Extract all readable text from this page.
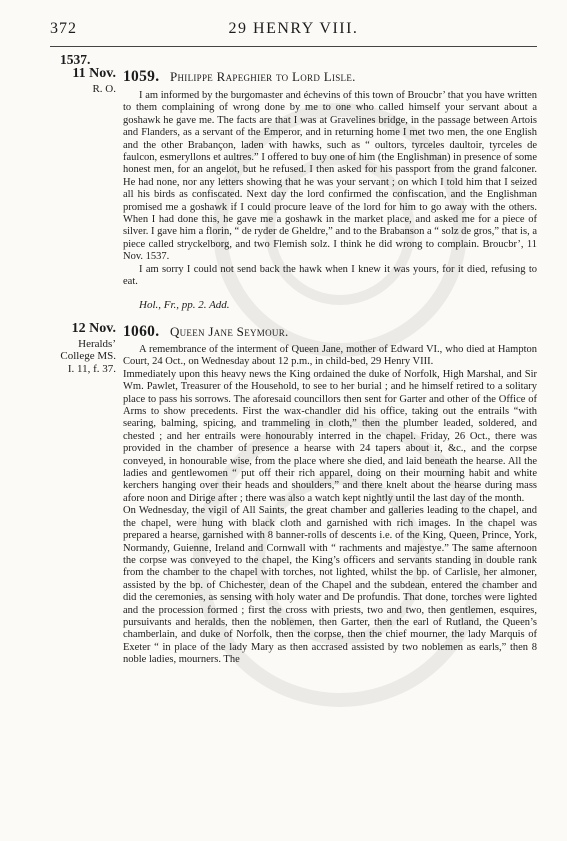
372	29 HENRY VIII.
1537.
11 Nov.
R. O.
1059. Philippe Rapeghier to Lord Lisle.

I am informed by the burgomaster and échevins of this town of Broucbr’ that you have written to them complaining of wrong done by me to one who called himself your servant about a goshawk he gave me. The facts are that I was at Gravelines bridge, in the passage between Artois and Flanders, as a servant of the Emperor, and in returning home I met two men, the one English and the other Brabançon, laden with hawks, such as “ oultors, tyrceles daultoir, tyrceles de faulcon, esmeryllons et aultres.” I offered to buy one of him (the Englishman) in presence of some honest men, for an angelot, but he refused. I then asked for his passport from the grand falconer. He had none, nor any letters showing that he was your servant ; on which I told him that I seized all his birds as confiscated. Next day the lord confirmed the confiscation, and the Englishman promised me a goshawk if I could procure leave of the lord for him to go away with the others. When I had done this, he gave me a goshawk in the market place, and asked me for a piece of silver. I gave him a florin, “ de ryder de Gheldre,” and to the Brabanson a “ solz de gros,” that is, a piece called stryckelborg, and two Flemish solz. I think he did wrong to complain. Broucbr’, 11 Nov. 1537.

I am sorry I could not send back the hawk when I knew it was yours, for it died, refusing to eat.

Hol., Fr., pp. 2. Add.
12 Nov.
Heralds’
College MS.
I. 11, f. 37.
1060. Queen Jane Seymour.

A remembrance of the interment of Queen Jane, mother of Edward VI., who died at Hampton Court, 24 Oct., on Wednesday about 12 p.m., in child-bed, 29 Henry VIII.

Immediately upon this heavy news the King ordained the duke of Norfolk, High Marshal, and Sir Wm. Pawlet, Treasurer of the Household, to see to her burial ; and he himself retired to a solitary place to pass his sorrows. The aforesaid councillors then sent for Garter and other of the Office of Arms to show precedents. First the wax-chandler did his office, taking out the entrails “with searing, balming, spicing, and trammeling in cloth,” then the plumber leaded, soldered, and chested ; and her entrails were honourably interred in the chapel. Friday, 26 Oct., there was provided in the chamber of presence a hearse with 24 tapers about it, &c., and the corpse conveyed, in honourable wise, from the place where she died, and laid beneath the hearse. All the ladies and gentlewomen “ put off their rich apparel, doing on their mourning habit and white kerchers hanging over their heads and shoulders,” and there knelt about the hearse during mass afore noon and Dirige after ; there was also a watch kept nightly until the last day of the month.

On Wednesday, the vigil of All Saints, the great chamber and galleries leading to the chapel, and the chapel, were hung with black cloth and garnished with rich images. In the chapel was prepared a hearse, garnished with 8 banner-rolls of descents i.e. of the King, Queen, Prince, York, Normandy, Guienne, Ireland and Cornwall with “ rachments and majestye.” The same afternoon the corpse was conveyed to the chapel, the King’s officers and servants standing in double rank from the chamber to the chapel with torches, not lighted, whilst the bp. of Carlisle, her almoner, assisted by the bp. of Chichester, dean of the Chapel and the subdean, entered the chamber and did the ceremonies, as sensing with holy water and De profundis. That done, torches were lighted and the procession formed ; first the cross with priests, two and two, then gentlemen, esquires, pursuivants and heralds, then the noblemen, then Garter, then the earl of Rutland, the Queen’s chamberlain, and duke of Norfolk, then the corpse, then the chief mourner, the lady Marquis of Exeter “ in place of the lady Mary as then accrased assisted by two noblemen as earls,” then 8 noble ladies, mourners. The
